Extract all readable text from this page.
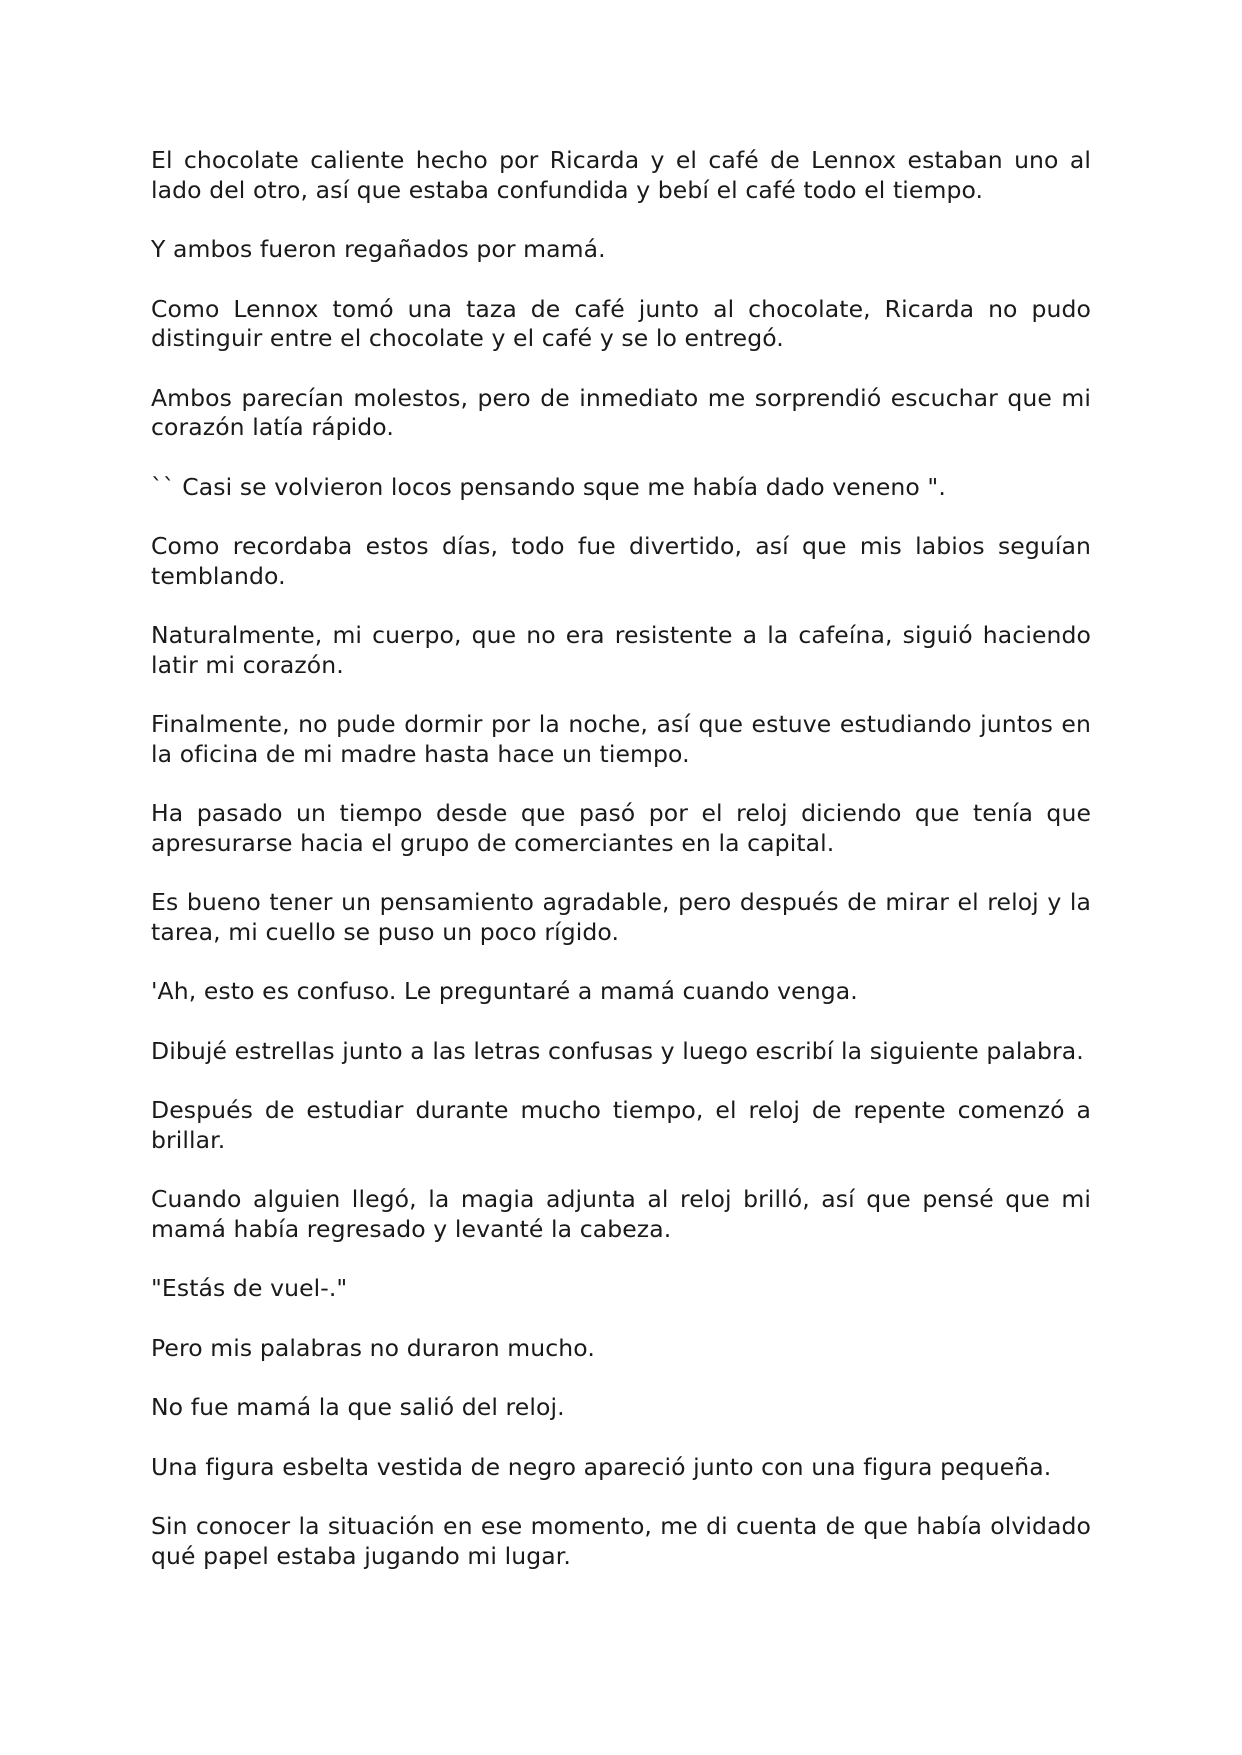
El chocolate caliente hecho por Ricarda y el café de Lennox estaban uno al lado del otro, así que estaba confundida y bebí el café todo el tiempo.

Y ambos fueron regañados por mamá.

Como Lennox tomó una taza de café junto al chocolate, Ricarda no pudo distinguir entre el chocolate y el café y se lo entregó.

Ambos parecían molestos, pero de inmediato me sorprendió escuchar que mi corazón latía rápido.

`` Casi se volvieron locos pensando sque me había dado veneno ".

Como recordaba estos días, todo fue divertido, así que mis labios seguían temblando.

Naturalmente, mi cuerpo, que no era resistente a la cafeína, siguió haciendo latir mi corazón.

Finalmente, no pude dormir por la noche, así que estuve estudiando juntos en la oficina de mi madre hasta hace un tiempo.

Ha pasado un tiempo desde que pasó por el reloj diciendo que tenía que apresurarse hacia el grupo de comerciantes en la capital.

Es bueno tener un pensamiento agradable, pero después de mirar el reloj y la tarea, mi cuello se puso un poco rígido.

'Ah, esto es confuso. Le preguntaré a mamá cuando venga.

Dibujé estrellas junto a las letras confusas y luego escribí la siguiente palabra.

Después de estudiar durante mucho tiempo, el reloj de repente comenzó a brillar.

Cuando alguien llegó, la magia adjunta al reloj brilló, así que pensé que mi mamá había regresado y levanté la cabeza.

"Estás de vuel-."

Pero mis palabras no duraron mucho.

No fue mamá la que salió del reloj.

Una figura esbelta vestida de negro apareció junto con una figura pequeña.

Sin conocer la situación en ese momento, me di cuenta de que había olvidado qué papel estaba jugando mi lugar.
